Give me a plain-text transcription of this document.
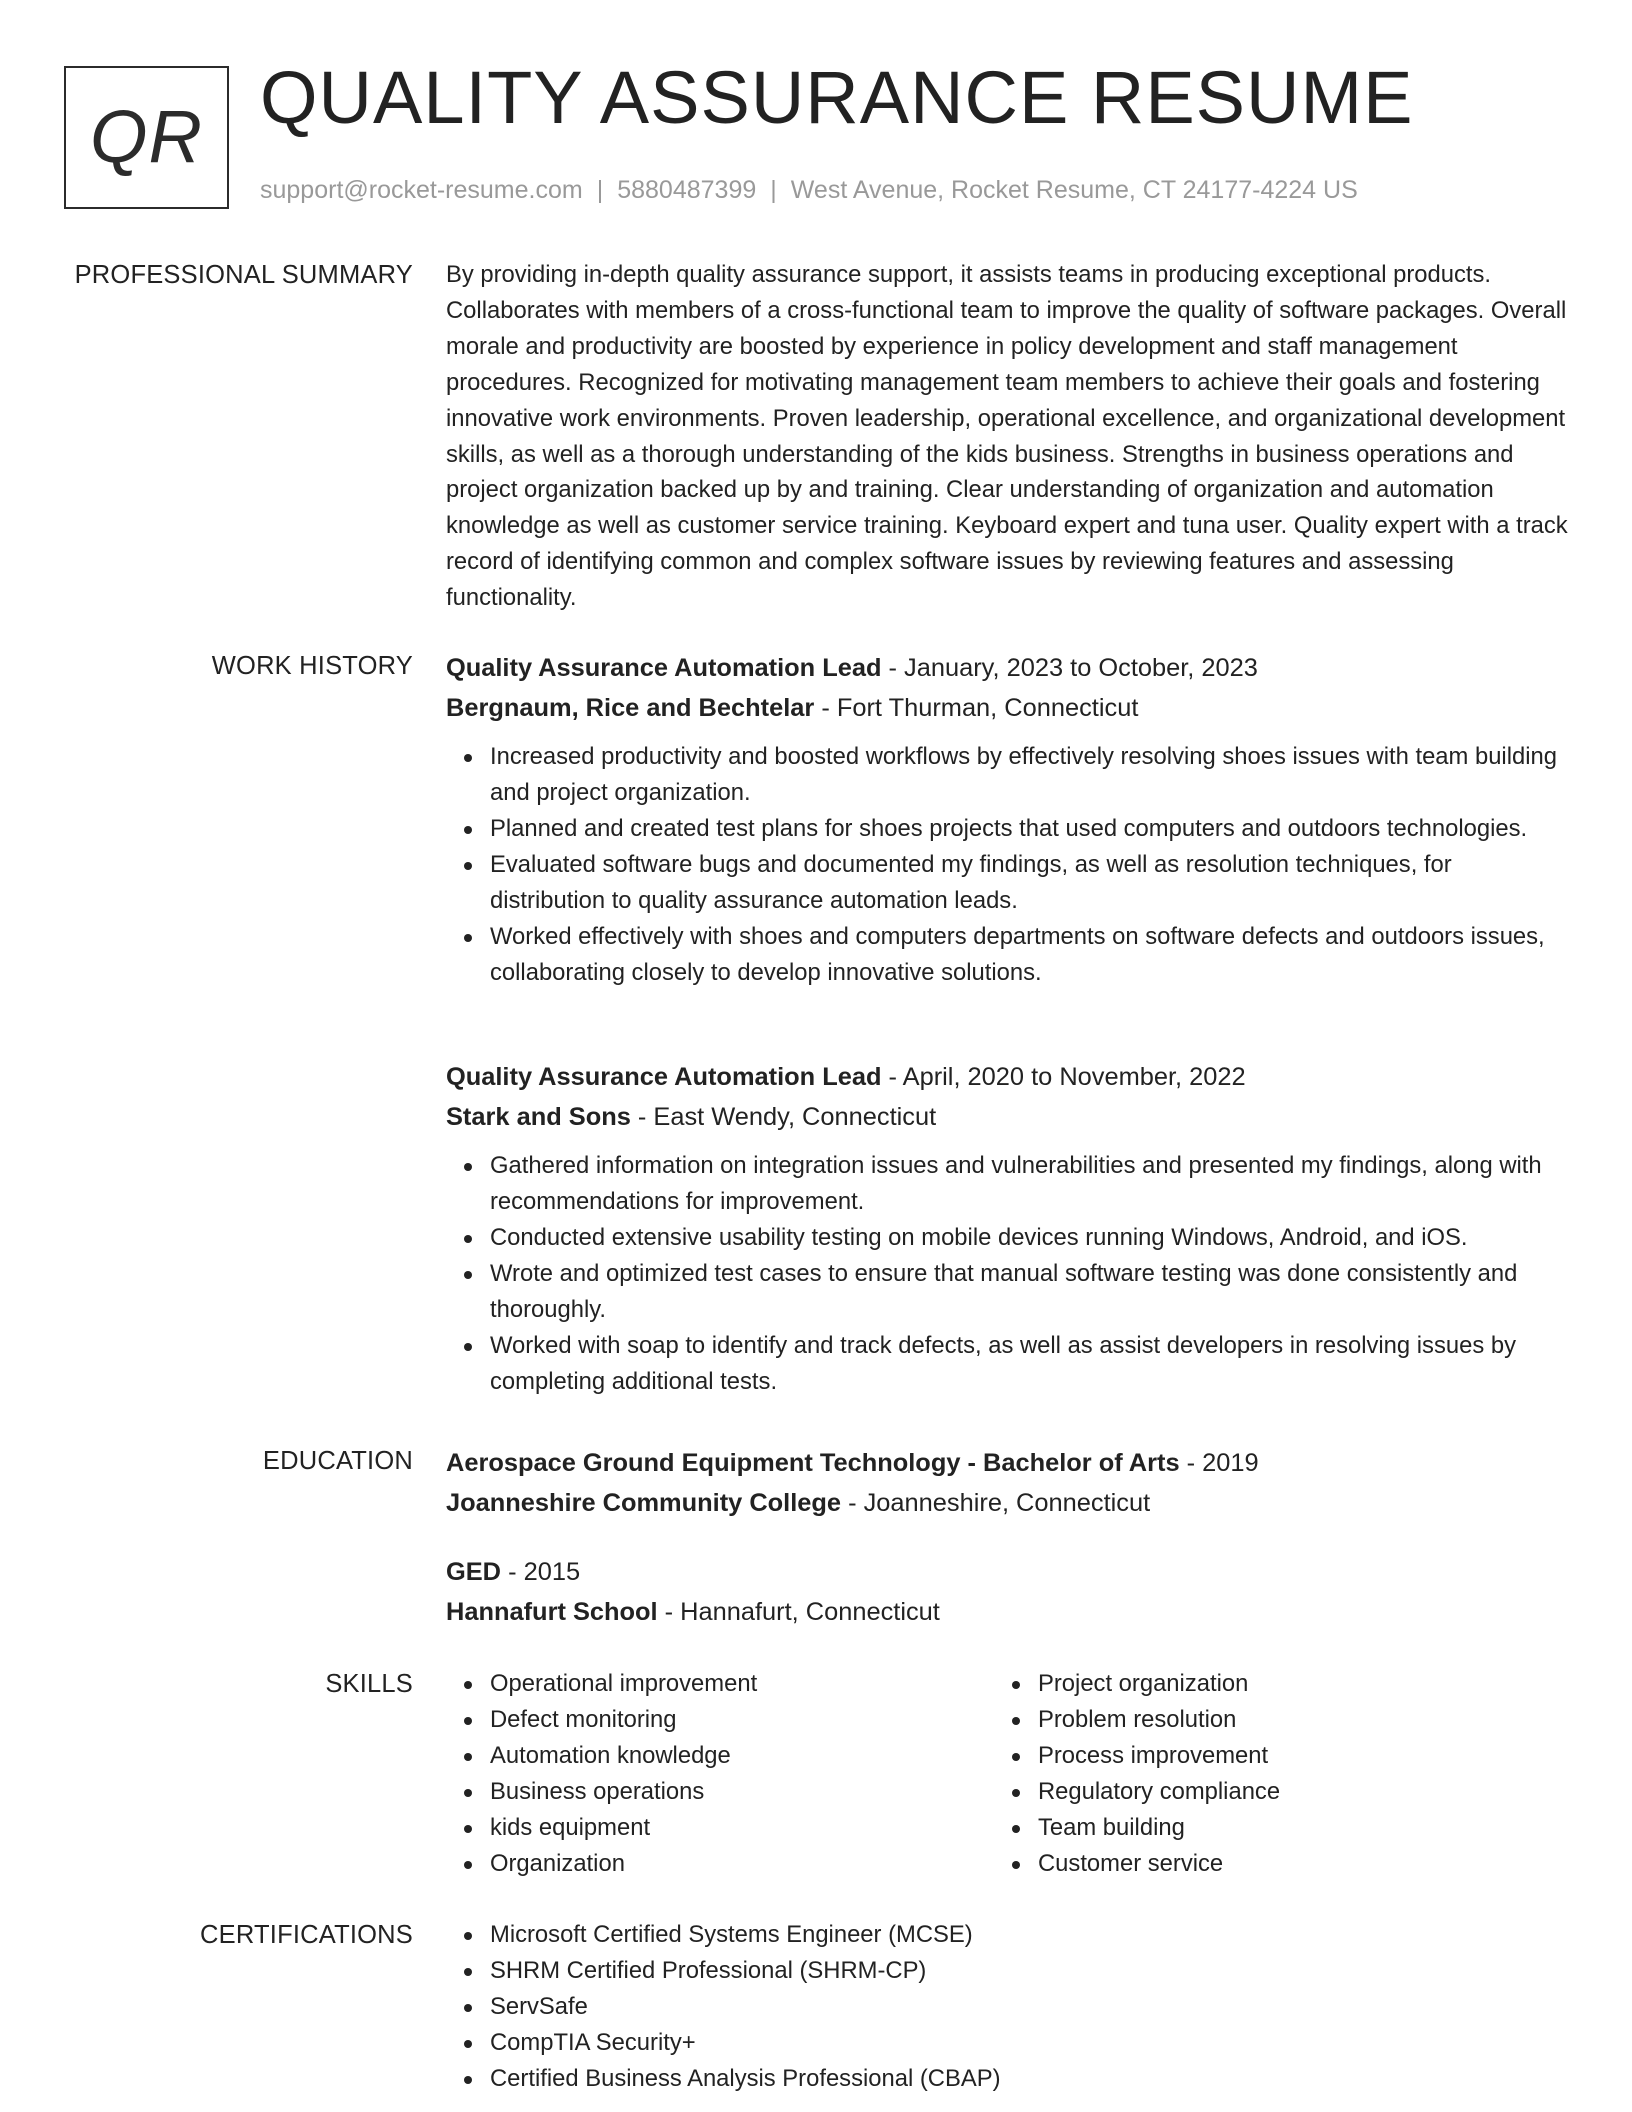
QR QUALITY ASSURANCE RESUME
support@rocket-resume.com | 5880487399 | West Avenue, Rocket Resume, CT 24177-4224 US
PROFESSIONAL SUMMARY By providing in-depth quality assurance support, it assists teams in producing exceptional products. Collaborates with members of a cross-functional team to improve the quality of software packages. Overall morale and productivity are boosted by experience in policy development and staff management procedures. Recognized for motivating management team members to achieve their goals and fostering innovative work environments. Proven leadership, operational excellence, and organizational development skills, as well as a thorough understanding of the kids business. Strengths in business operations and project organization backed up by and training. Clear understanding of organization and automation knowledge as well as customer service training. Keyboard expert and tuna user. Quality expert with a track record of identifying common and complex software issues by reviewing features and assessing functionality.
WORK HISTORY Quality Assurance Automation Lead - January, 2023 to October, 2023
Bergnaum, Rice and Bechtelar - Fort Thurman, Connecticut
Increased productivity and boosted workflows by effectively resolving shoes issues with team building and project organization.
Planned and created test plans for shoes projects that used computers and outdoors technologies.
Evaluated software bugs and documented my findings, as well as resolution techniques, for distribution to quality assurance automation leads.
Worked effectively with shoes and computers departments on software defects and outdoors issues, collaborating closely to develop innovative solutions.
Quality Assurance Automation Lead - April, 2020 to November, 2022
Stark and Sons - East Wendy, Connecticut
Gathered information on integration issues and vulnerabilities and presented my findings, along with recommendations for improvement.
Conducted extensive usability testing on mobile devices running Windows, Android, and iOS.
Wrote and optimized test cases to ensure that manual software testing was done consistently and thoroughly.
Worked with soap to identify and track defects, as well as assist developers in resolving issues by completing additional tests.
EDUCATION Aerospace Ground Equipment Technology - Bachelor of Arts - 2019
Joanneshire Community College - Joanneshire, Connecticut
GED - 2015
Hannafurt School - Hannafurt, Connecticut
SKILLS	Operational improvement
Defect monitoring
Automation knowledge
Business operations
kids equipment
Organization
Project organization
Problem resolution
Process improvement
Regulatory compliance
Team building
Customer service
CERTIFICATIONS	Microsoft Certified Systems Engineer (MCSE)
SHRM Certified Professional (SHRM-CP)
ServSafe
CompTIA Security+
Certified Business Analysis Professional (CBAP)
